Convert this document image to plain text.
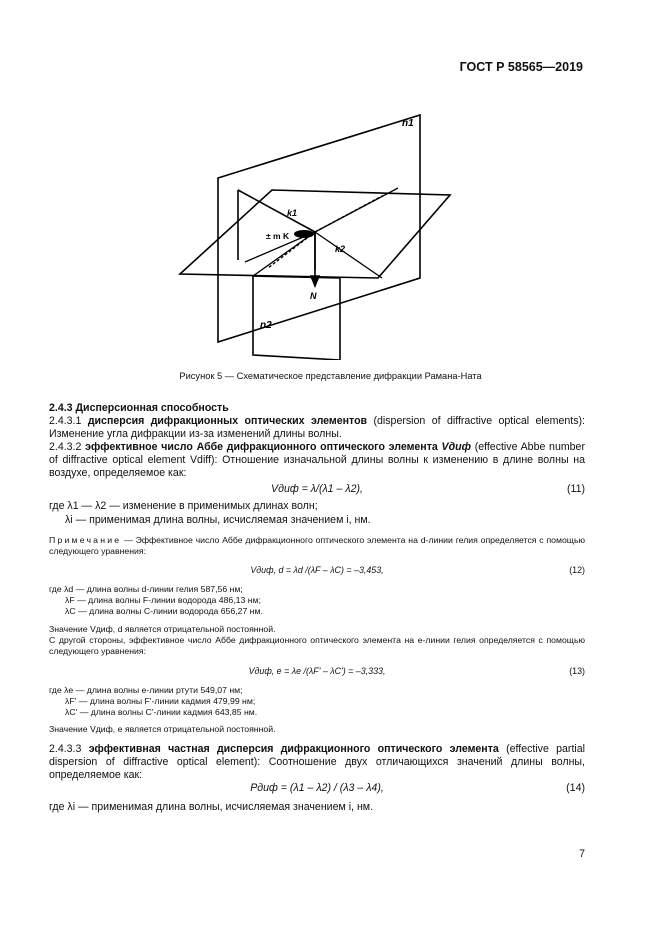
ГОСТ Р 58565—2019
n1
n2
k1
k2
± m K
N
Рисунок 5 — Схематическое представление дифракции Рамана-Ната
2.4.3 Дисперсионная способность
2.4.3.1 дисперсия дифракционных оптических элементов (dispersion of diffractive optical elements): Изменение угла дифракции из-за изменений длины волны.
2.4.3.2 эффективное число Аббе дифракционного оптического элемента Vдиф (effective Abbe number of diffractive optical element Vdiff): Отношение изначальной длины волны к изменению в длине волны на воздухе, определяемое как:
Vдиф = λ/(λ1 – λ2),	(11)
где λ1 — λ2 — изменение в применимых длинах волн;
λi — применимая длина волны, исчисляемая значением i, нм.
Примечание — Эффективное число Аббе дифракционного оптического элемента на d-линии гелия определяется с помощью следующего уравнения:
Vдиф, d = λd /(λF – λC) = –3,453,	(12)
где λd — длина волны d-линии гелия 587,56 нм;
λF — длина волны F-линии водорода 486,13 нм;
λC — длина волны C-линии водорода 656,27 нм.
Значение Vдиф, d является отрицательной постоянной.
С другой стороны, эффективное число Аббе дифракционного оптического элемента на е-линии гелия определяется с помощью следующего уравнения:
Vдиф, e = λe /(λF' – λC') = –3,333,	(13)
где λe — длина волны е-линии ртути 549,07 нм;
λF' — длина волны F'-линии кадмия 479,99 нм;
λC' — длина волны C'-линии кадмия 643,85 нм.
Значение Vдиф, e является отрицательной постоянной.
2.4.3.3 эффективная частная дисперсия дифракционного оптического элемента (effective partial dispersion of diffractive optical element): Соотношение двух отличающихся значений длины волны, определяемое как:
Pдиф = (λ1 – λ2) / (λ3 – λ4),	(14)
где λi — применимая длина волны, исчисляемая значением i, нм.
7
